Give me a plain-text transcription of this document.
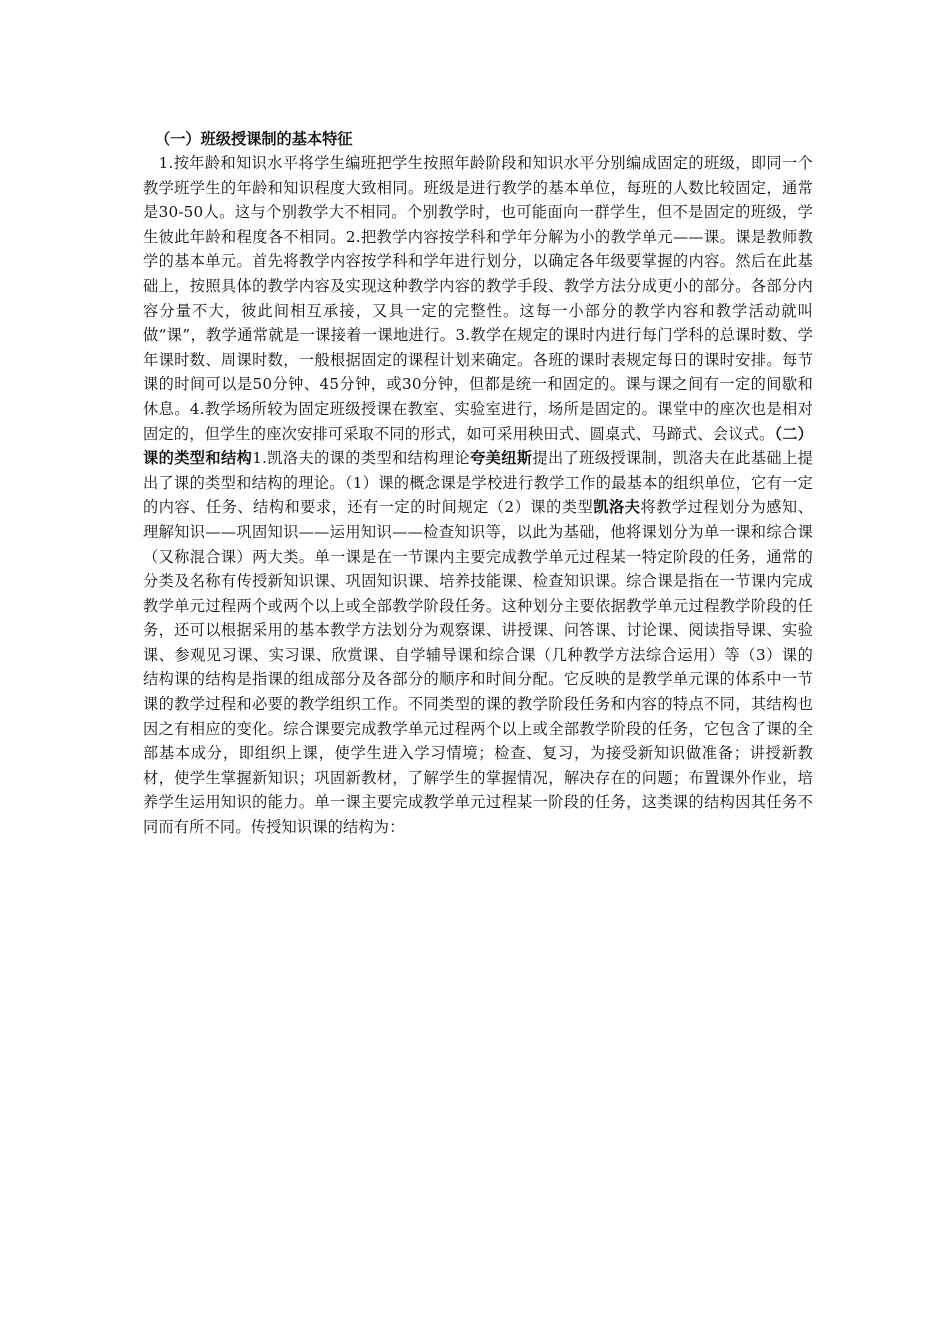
（一）班级授课制的基本特征

　1.按年龄和知识水平将学生编班把学生按照年龄阶段和知识水平分别编成固定的班级，即同一个教学班学生的年龄和知识程度大致相同。班级是进行教学的基本单位，每班的人数比较固定，通常是30-50人。这与个别教学大不相同。个别教学时，也可能面向一群学生，但不是固定的班级，学生彼此年龄和程度各不相同。2.把教学内容按学科和学年分解为小的教学单元——课。课是教师教学的基本单元。首先将教学内容按学科和学年进行划分，以确定各年级要掌握的内容。然后在此基础上，按照具体的教学内容及实现这种教学内容的教学手段、教学方法分成更小的部分。各部分内容分量不大，彼此间相互承接，又具一定的完整性。这每一小部分的教学内容和教学活动就叫做“课”，教学通常就是一课接着一课地进行。3.教学在规定的课时内进行每门学科的总课时数、学年课时数、周课时数，一般根据固定的课程计划来确定。各班的课时表规定每日的课时安排。每节课的时间可以是50分钟、45分钟，或30分钟，但都是统一和固定的。课与课之间有一定的间歇和休息。4.教学场所较为固定班级授课在教室、实验室进行，场所是固定的。课堂中的座次也是相对固定的，但学生的座次安排可采取不同的形式，如可采用秧田式、圆桌式、马蹄式、会议式。（二）课的类型和结构1.凯洛夫的课的类型和结构理论夸美纽斯提出了班级授课制，凯洛夫在此基础上提出了课的类型和结构的理论。（1）课的概念课是学校进行教学工作的最基本的组织单位，它有一定的内容、任务、结构和要求，还有一定的时间规定（2）课的类型凯洛夫将教学过程划分为感知、理解知识——巩固知识——运用知识——检查知识等，以此为基础，他将课划分为单一课和综合课（又称混合课）两大类。单一课是在一节课内主要完成教学单元过程某一特定阶段的任务，通常的分类及名称有传授新知识课、巩固知识课、培养技能课、检查知识课。综合课是指在一节课内完成教学单元过程两个或两个以上或全部教学阶段任务。这种划分主要依据教学单元过程教学阶段的任务，还可以根据采用的基本教学方法划分为观察课、讲授课、问答课、讨论课、阅读指导课、实验课、参观见习课、实习课、欣赏课、自学辅导课和综合课（几种教学方法综合运用）等（3）课的结构课的结构是指课的组成部分及各部分的顺序和时间分配。它反映的是教学单元课的体系中一节课的教学过程和必要的教学组织工作。不同类型的课的教学阶段任务和内容的特点不同，其结构也因之有相应的变化。综合课要完成教学单元过程两个以上或全部教学阶段的任务，它包含了课的全部基本成分，即组织上课，使学生进入学习情境；检查、复习，为接受新知识做准备；讲授新教材，使学生掌握新知识；巩固新教材，了解学生的掌握情况，解决存在的问题；布置课外作业，培养学生运用知识的能力。单一课主要完成教学单元过程某一阶段的任务，这类课的结构因其任务不同而有所不同。传授知识课的结构为：
